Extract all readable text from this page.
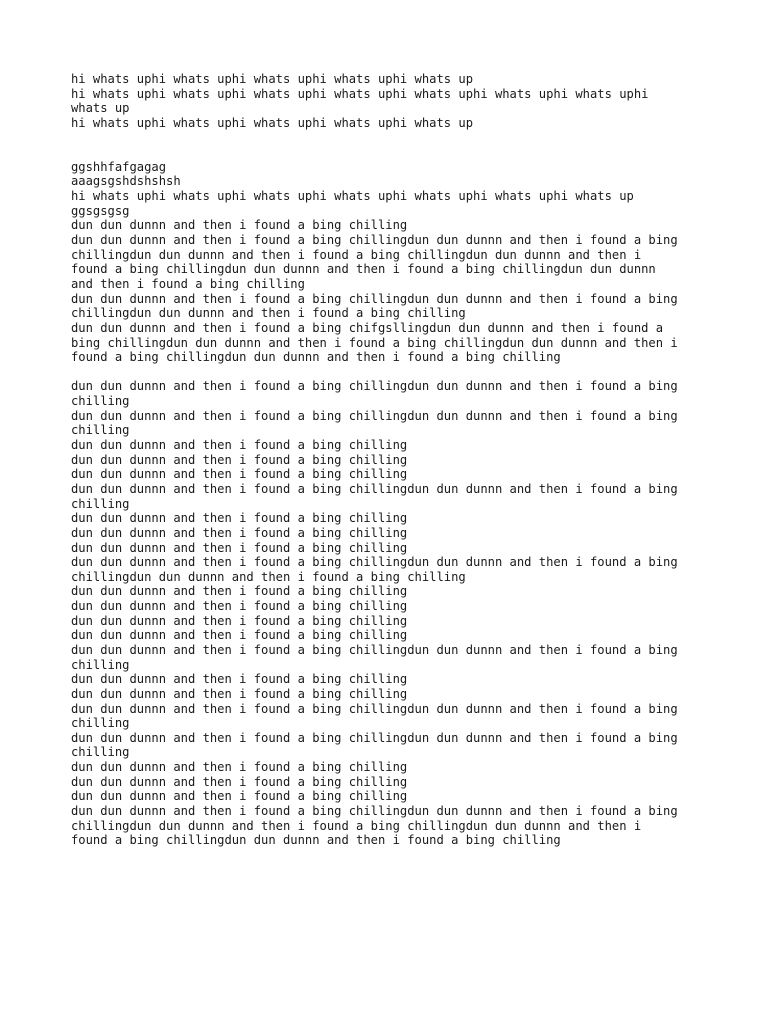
hi whats uphi whats uphi whats uphi whats uphi whats up
hi whats uphi whats uphi whats uphi whats uphi whats uphi whats uphi whats uphi
whats up
hi whats uphi whats uphi whats uphi whats uphi whats up
ggshhfafgagag
aaagsgshdshshsh
hi whats uphi whats uphi whats uphi whats uphi whats uphi whats uphi whats up
ggsgsgsg
dun dun dunnn and then i found a bing chilling
dun dun dunnn and then i found a bing chillingdun dun dunnn and then i found a bing
chillingdun dun dunnn and then i found a bing chillingdun dun dunnn and then i
found a bing chillingdun dun dunnn and then i found a bing chillingdun dun dunnn
and then i found a bing chilling
dun dun dunnn and then i found a bing chillingdun dun dunnn and then i found a bing
chillingdun dun dunnn and then i found a bing chilling
dun dun dunnn and then i found a bing chifgsllingdun dun dunnn and then i found a
bing chillingdun dun dunnn and then i found a bing chillingdun dun dunnn and then i
found a bing chillingdun dun dunnn and then i found a bing chilling
dun dun dunnn and then i found a bing chillingdun dun dunnn and then i found a bing
chilling
dun dun dunnn and then i found a bing chillingdun dun dunnn and then i found a bing
chilling
dun dun dunnn and then i found a bing chilling
dun dun dunnn and then i found a bing chilling
dun dun dunnn and then i found a bing chilling
dun dun dunnn and then i found a bing chillingdun dun dunnn and then i found a bing
chilling
dun dun dunnn and then i found a bing chilling
dun dun dunnn and then i found a bing chilling
dun dun dunnn and then i found a bing chilling
dun dun dunnn and then i found a bing chillingdun dun dunnn and then i found a bing
chillingdun dun dunnn and then i found a bing chilling
dun dun dunnn and then i found a bing chilling
dun dun dunnn and then i found a bing chilling
dun dun dunnn and then i found a bing chilling
dun dun dunnn and then i found a bing chilling
dun dun dunnn and then i found a bing chillingdun dun dunnn and then i found a bing
chilling
dun dun dunnn and then i found a bing chilling
dun dun dunnn and then i found a bing chilling
dun dun dunnn and then i found a bing chillingdun dun dunnn and then i found a bing
chilling
dun dun dunnn and then i found a bing chillingdun dun dunnn and then i found a bing
chilling
dun dun dunnn and then i found a bing chilling
dun dun dunnn and then i found a bing chilling
dun dun dunnn and then i found a bing chilling
dun dun dunnn and then i found a bing chillingdun dun dunnn and then i found a bing
chillingdun dun dunnn and then i found a bing chillingdun dun dunnn and then i
found a bing chillingdun dun dunnn and then i found a bing chilling
